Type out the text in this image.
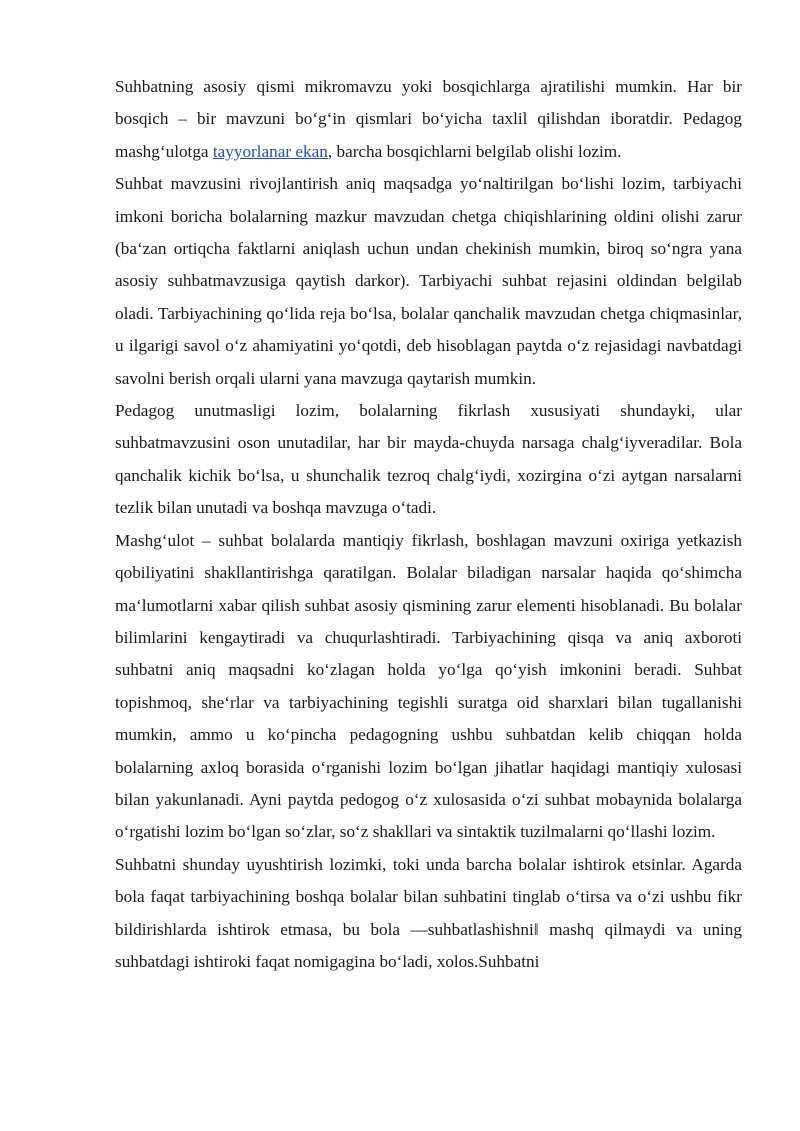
Suhbatning asosiy qismi mikromavzu yoki bosqichlarga ajratilishi mumkin. Har bir bosqich – bir mavzuni bo‘g‘in qismlari bo‘yicha taxlil qilishdan iboratdir. Pedagog mashg‘ulotga tayyorlanar ekan, barcha bosqichlarni belgilab olishi lozim.

Suhbat mavzusini rivojlantirish aniq maqsadga yo‘naltirilgan bo‘lishi lozim, tarbiyachi imkoni boricha bolalarning mazkur mavzudan chetga chiqishlarining oldini olishi zarur (ba‘zan ortiqcha faktlarni aniqlash uchun undan chekinish mumkin, biroq so‘ngra yana asosiy suhbatmavzusiga qaytish darkor). Tarbiyachi suhbat rejasini oldindan belgilab oladi. Tarbiyachining qo‘lida reja bo‘lsa, bolalar qanchalik mavzudan chetga chiqmasinlar, u ilgarigi savol o‘z ahamiyatini yo‘qotdi, deb hisoblagan paytda o‘z rejasidagi navbatdagi savolni berish orqali ularni yana mavzuga qaytarish mumkin.

Pedagog unutmasligi lozim, bolalarning fikrlash xususiyati shundayki, ular suhbatmavzusini oson unutadilar, har bir mayda-chuyda narsaga chalg‘iyveradilar. Bola qanchalik kichik bo‘lsa, u shunchalik tezroq chalg‘iydi, xozirgina o‘zi aytgan narsalarni tezlik bilan unutadi va boshqa mavzuga o‘tadi.

Mashg‘ulot – suhbat bolalarda mantiqiy fikrlash, boshlagan mavzuni oxiriga yetkazish qobiliyatini shakllantirishga qaratilgan. Bolalar biladigan narsalar haqida qo‘shimcha ma‘lumotlarni xabar qilish suhbat asosiy qismining zarur elementi hisoblanadi. Bu bolalar bilimlarini kengaytiradi va chuqurlashtiradi. Tarbiyachining qisqa va aniq axboroti suhbatni aniq maqsadni ko‘zlagan holda yo‘lga qo‘yish imkonini beradi. Suhbat topishmoq, she‘rlar va tarbiyachining tegishli suratga oid sharxlari bilan tugallanishi mumkin, ammo u ko‘pincha pedagogning ushbu suhbatdan kelib chiqqan holda bolalarning axloq borasida o‘rganishi lozim bo‘lgan jihatlar haqidagi mantiqiy xulosasi bilan yakunlanadi. Ayni paytda pedogog o‘z xulosasida o‘zi suhbat mobaynida bolalarga o‘rgatishi lozim bo‘lgan so‘zlar, so‘z shakllari va sintaktik tuzilmalarni qo‘llashi lozim.

Suhbatni shunday uyushtirish lozimki, toki unda barcha bolalar ishtirok etsinlar. Agarda bola faqat tarbiyachining boshqa bolalar bilan suhbatini tinglab o‘tirsa va o‘zi ushbu fikr bildirishlarda ishtirok etmasa, bu bola ―suhbatlashishni‖ mashq qilmaydi va uning suhbatdagi ishtiroki faqat nomigagina bo‘ladi, xolos.Suhbatni
